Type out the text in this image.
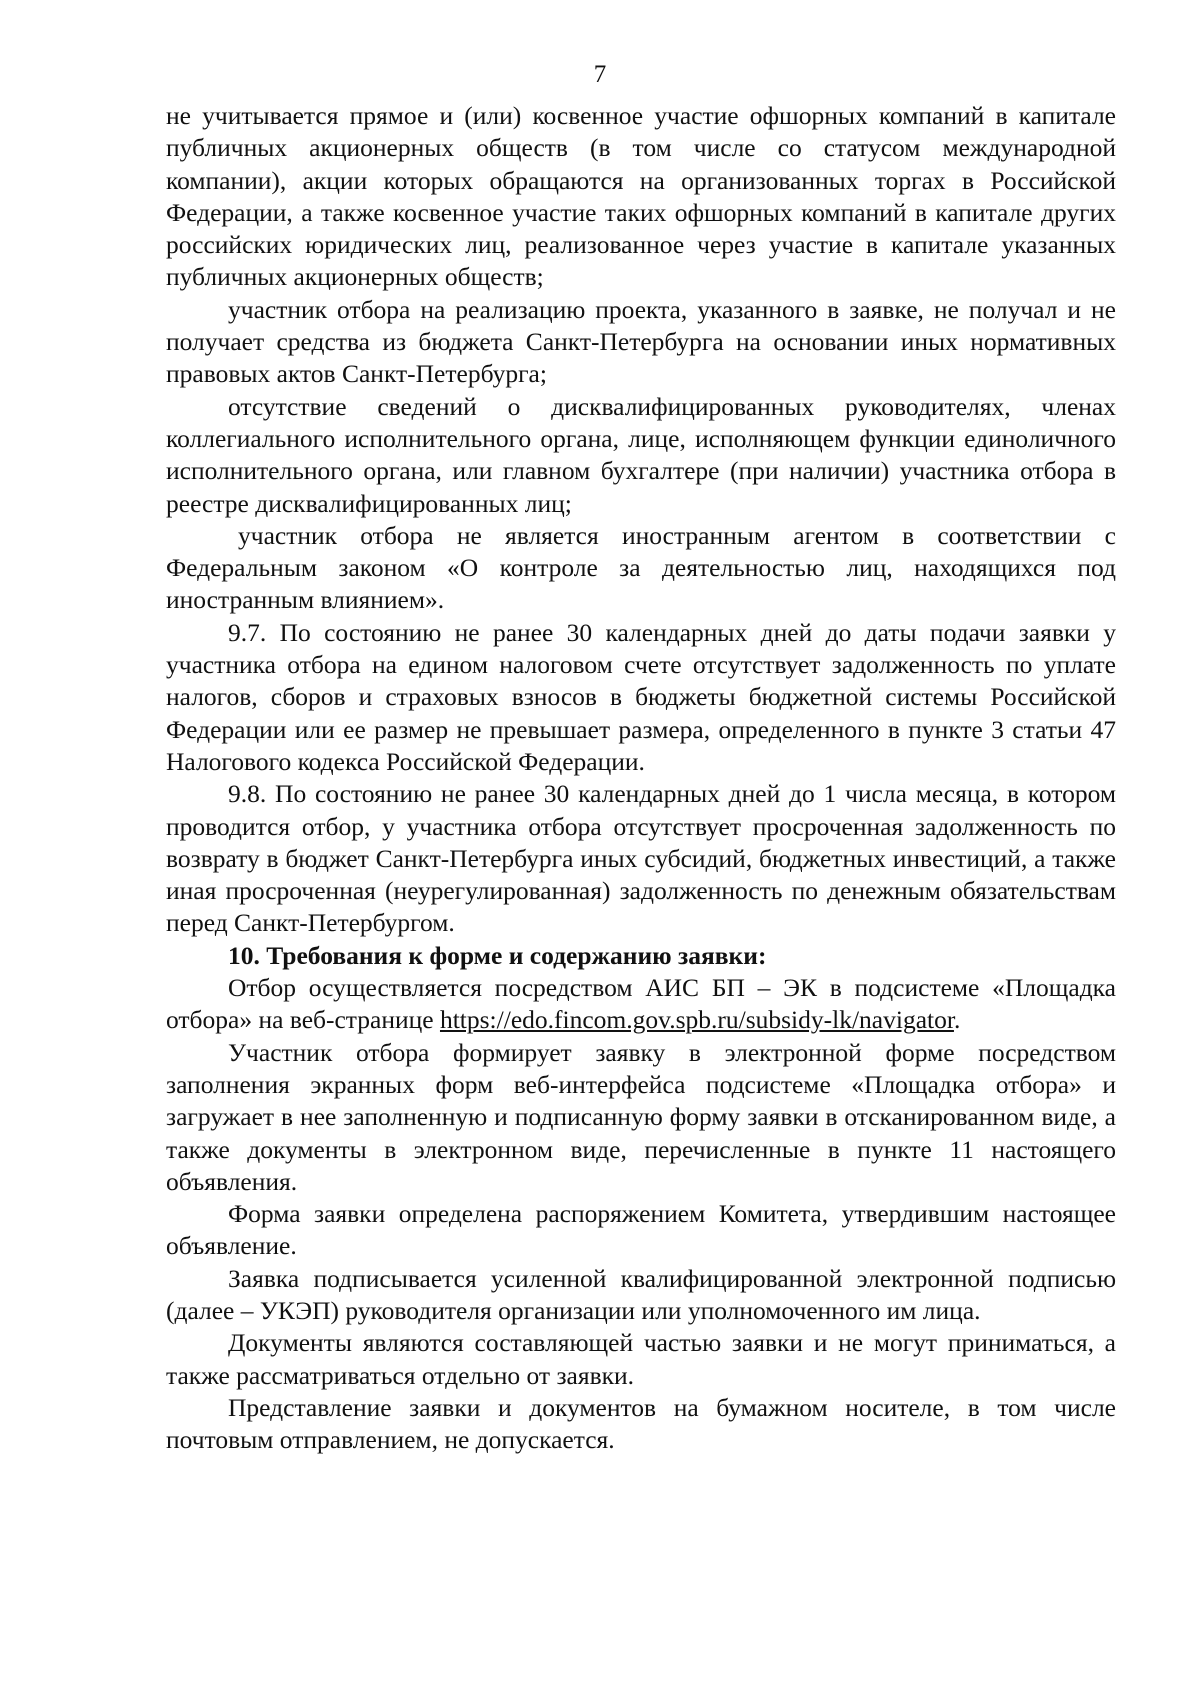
7

не учитывается прямое и (или) косвенное участие офшорных компаний в капитале публичных акционерных обществ (в том числе со статусом международной компании), акции которых обращаются на организованных торгах в Российской Федерации, а также косвенное участие таких офшорных компаний в капитале других российских юридических лиц, реализованное через участие в капитале указанных публичных акционерных обществ;

участник отбора на реализацию проекта, указанного в заявке, не получал и не получает средства из бюджета Санкт-Петербурга на основании иных нормативных правовых актов Санкт-Петербурга;

отсутствие сведений о дисквалифицированных руководителях, членах коллегиального исполнительного органа, лице, исполняющем функции единоличного исполнительного органа, или главном бухгалтере (при наличии) участника отбора в реестре дисквалифицированных лиц;

участник отбора не является иностранным агентом в соответствии с Федеральным законом «О контроле за деятельностью лиц, находящихся под иностранным влиянием».

9.7. По состоянию не ранее 30 календарных дней до даты подачи заявки у участника отбора на едином налоговом счете отсутствует задолженность по уплате налогов, сборов и страховых взносов в бюджеты бюджетной системы Российской Федерации или ее размер не превышает размера, определенного в пункте 3 статьи 47 Налогового кодекса Российской Федерации.

9.8. По состоянию не ранее 30 календарных дней до 1 числа месяца, в котором проводится отбор, у участника отбора отсутствует просроченная задолженность по возврату в бюджет Санкт-Петербурга иных субсидий, бюджетных инвестиций, а также иная просроченная (неурегулированная) задолженность по денежным обязательствам перед Санкт-Петербургом.

10. Требования к форме и содержанию заявки:

Отбор осуществляется посредством АИС БП – ЭК в подсистеме «Площадка отбора» на веб-странице https://edo.fincom.gov.spb.ru/subsidy-lk/navigator.

Участник отбора формирует заявку в электронной форме посредством заполнения экранных форм веб-интерфейса подсистеме «Площадка отбора» и загружает в нее заполненную и подписанную форму заявки в отсканированном виде, а также документы в электронном виде, перечисленные в пункте 11 настоящего объявления.

Форма заявки определена распоряжением Комитета, утвердившим настоящее объявление.

Заявка подписывается усиленной квалифицированной электронной подписью (далее – УКЭП) руководителя организации или уполномоченного им лица.

Документы являются составляющей частью заявки и не могут приниматься, а также рассматриваться отдельно от заявки.

Представление заявки и документов на бумажном носителе, в том числе почтовым отправлением, не допускается.
